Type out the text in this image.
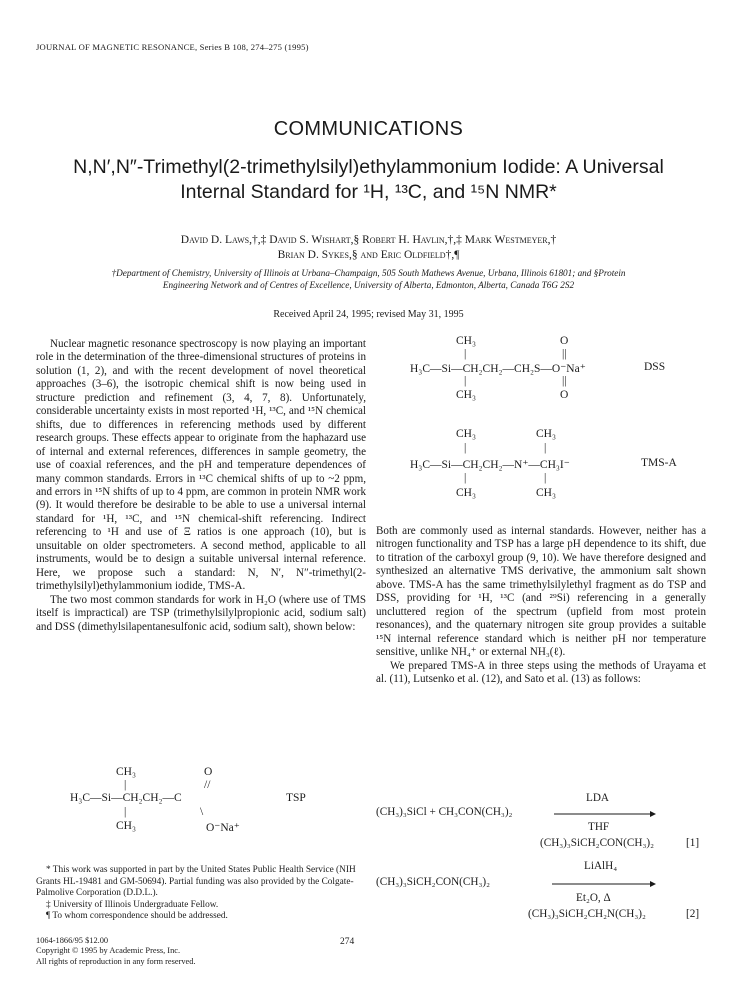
JOURNAL OF MAGNETIC RESONANCE, Series B 108, 274–275 (1995)
COMMUNICATIONS
N,N′,N″-Trimethyl(2-trimethylsilyl)ethylammonium Iodide: A Universal
Internal Standard for ¹H, ¹³C, and ¹⁵N NMR*
David D. Laws,†,‡ David S. Wishart,§ Robert H. Havlin,†,‡ Mark Westmeyer,†
Brian D. Sykes,§ and Eric Oldfield†,¶
†Department of Chemistry, University of Illinois at Urbana–Champaign, 505 South Mathews Avenue, Urbana, Illinois 61801; and §Protein
Engineering Network and of Centres of Excellence, University of Alberta, Edmonton, Alberta, Canada T6G 2S2
Received April 24, 1995; revised May 31, 1995

Nuclear magnetic resonance spectroscopy is now playing an important role in the determination of the three-dimensional structures of proteins in solution (1, 2), and with the recent development of novel theoretical approaches (3–6), the isotropic chemical shift is now being used in structure prediction and refinement (3, 4, 7, 8). Unfortunately, considerable uncertainty exists in most reported ¹H, ¹³C, and ¹⁵N chemical shifts, due to differences in referencing methods used by different research groups. These effects appear to originate from the haphazard use of internal and external references, differences in sample geometry, the use of coaxial references, and the pH and temperature dependences of many common standards. Errors in ¹³C chemical shifts of up to ~2 ppm, and errors in ¹⁵N shifts of up to 4 ppm, are common in protein NMR work (9). It would therefore be desirable to be able to use a universal internal standard for ¹H, ¹³C, and ¹⁵N chemical-shift referencing. Indirect referencing to ¹H and use of Ξ ratios is one approach (10), but is unsuitable on older spectrometers. A second method, applicable to all instruments, would be to design a suitable universal internal reference. Here, we propose such a standard: N, N′, N″-trimethyl(2-trimethylsilyl)ethylammonium iodide, TMS-A.

The two most common standards for work in H₂O (where use of TMS itself is impractical) are TSP (trimethylsilylpropionic acid, sodium salt) and DSS (dimethylsilapentanesulfonic acid, sodium salt), shown below:

CH₃	O
|	//
H₃C—Si—CH₂CH₂—C	TSP
|	\
CH₃	O⁻Na⁺
CH₃	O
|	||
H₃C—Si—CH₂CH₂—CH₂S—O⁻Na⁺	DSS
|	||
CH₃	O
CH₃	CH₃
|	|
H₃C—Si—CH₂CH₂—N⁺—CH₃I⁻	TMS-A
|	|
CH₃	CH₃

Both are commonly used as internal standards. However, neither has a nitrogen functionality and TSP has a large pH dependence to its shift, due to titration of the carboxyl group (9, 10). We have therefore designed and synthesized an alternative TMS derivative, the ammonium salt shown above. TMS-A has the same trimethylsilylethyl fragment as do TSP and DSS, providing for ¹H, ¹³C (and ²⁹Si) referencing in a generally uncluttered region of the spectrum (upfield from most protein resonances), and the quaternary nitrogen site group provides a suitable ¹⁵N internal reference standard which is neither pH nor temperature sensitive, unlike NH₄⁺ or external NH₃(ℓ).

We prepared TMS-A in three steps using the methods of Urayama et al. (11), Lutsenko et al. (12), and Sato et al. (13) as follows:

LDA
(CH₃)₃SiCl + CH₃CON(CH₃)₂
THF
(CH₃)₃SiCH₂CON(CH₃)₂	[1]
LiAlH₄
(CH₃)₃SiCH₂CON(CH₃)₂
Et₂O, Δ
(CH₃)₃SiCH₂CH₂N(CH₃)₂	[2]

* This work was supported in part by the United States Public Health Service (NIH Grants HL-19481 and GM-50694). Partial funding was also provided by the Colgate-Palmolive Corporation (D.D.L.).

‡ University of Illinois Undergraduate Fellow.

¶ To whom correspondence should be addressed.

1064-1866/95 $12.00
Copyright © 1995 by Academic Press, Inc.
All rights of reproduction in any form reserved.
274
